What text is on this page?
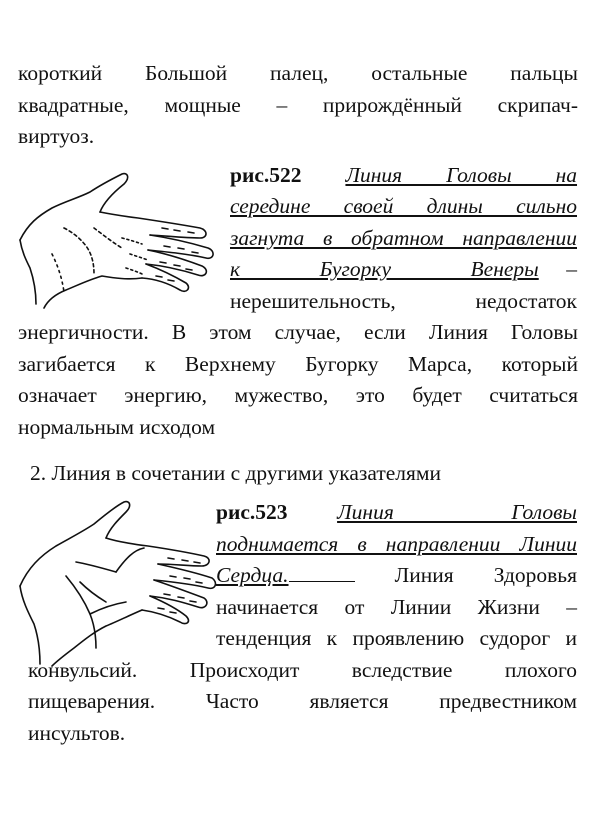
короткий Большой палец, остальные пальцы
квадратные, мощные – прирождённый скрипач-
виртуоз.
рис.522 Линия Головы на
середине своей длины сильно
загнута в обратном направлении
к Бугорку Венеры –
нерешительность, недостаток
энергичности. В этом случае, если Линия Головы
загибается к Верхнему Бугорку Марса, который
означает энергию, мужество, это будет считаться
нормальным исходом
2. Линия в сочетании с другими указателями
рис.523 Линия Головы
поднимается в направлении Линии
Сердца.	Линия Здоровья
начинается от Линии Жизни –
тенденция к проявлению судорог и
конвульсий. Происходит вследствие плохого
пищеварения. Часто является предвестником
инсультов.
